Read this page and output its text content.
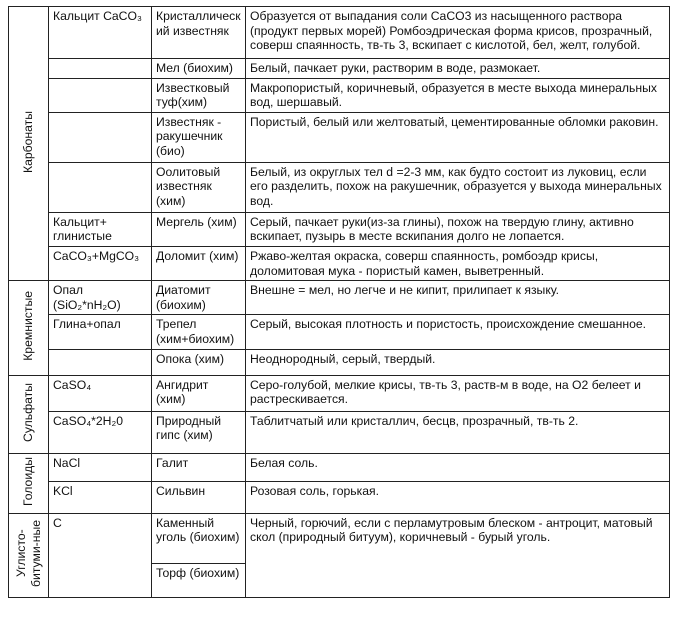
Карбонаты	Кальцит CaCO₃	Кристаллический известняк	Образуется от выпадания соли CaCO3 из насыщенного раствора (продукт первых морей) Ромбоэдрическая форма крисов, прозрачный, соверш спаянность, тв-ть 3, вскипает с кислотой, бел, желт, голубой.
		Мел (биохим)	Белый, пачкает руки, растворим в воде, размокает.
		Известковый туф(хим)	Макропористый, коричневый, образуется в месте выхода минеральных вод, шершавый.
		Известняк - ракушечник (био)	Пористый, белый или желтоватый, цементированные обломки раковин.
		Оолитовый известняк (хим)	Белый, из округлых тел d =2-3 мм, как будто состоит из луковиц, если его разделить, похож на ракушечник, образуется у выхода минеральных вод.
	Кальцит+ глинистые	Мергель (хим)	Серый, пачкает руки(из-за глины), похож на твердую глину, активно вскипает, пузырь в месте вскипания долго не лопается.
	CaCO₃+MgCO₃	Доломит (хим)	Ржаво-желтая окраска, соверш спаянность, ромбоэдр крисы, доломитовая мука - пористый камен, выветренный.
Кремнистые	Опал (SiO₂*nH₂O)	Диатомит (биохим)	Внешне = мел, но легче и не кипит, прилипает к языку.
	Глина+опал	Трепел (хим+биохим)	Серый, высокая плотность и пористость, происхождение смешанное.
		Опока (хим)	Неоднородный, серый, твердый.
Сульфаты	CaSO₄	Ангидрит (хим)	Серо-голубой, мелкие крисы, тв-ть 3, раств-м в воде, на O2 белеет и растрескивается.
	CaSO₄*2H₂0	Природный гипс (хим)	Таблитчатый или кристаллич, бесцв, прозрачный, тв-ть 2.
Голоиды	NaCl	Галит	Белая соль.
	KCl	Сильвин	Розовая соль, горькая.
Углисто-
битуми-ные	C	Каменный уголь (биохим)	Черный, горючий, если с перламутровым блеском - антроцит, матовый скол (природный битуум), коричневый - бурый уголь.
		Торф (биохим)	
